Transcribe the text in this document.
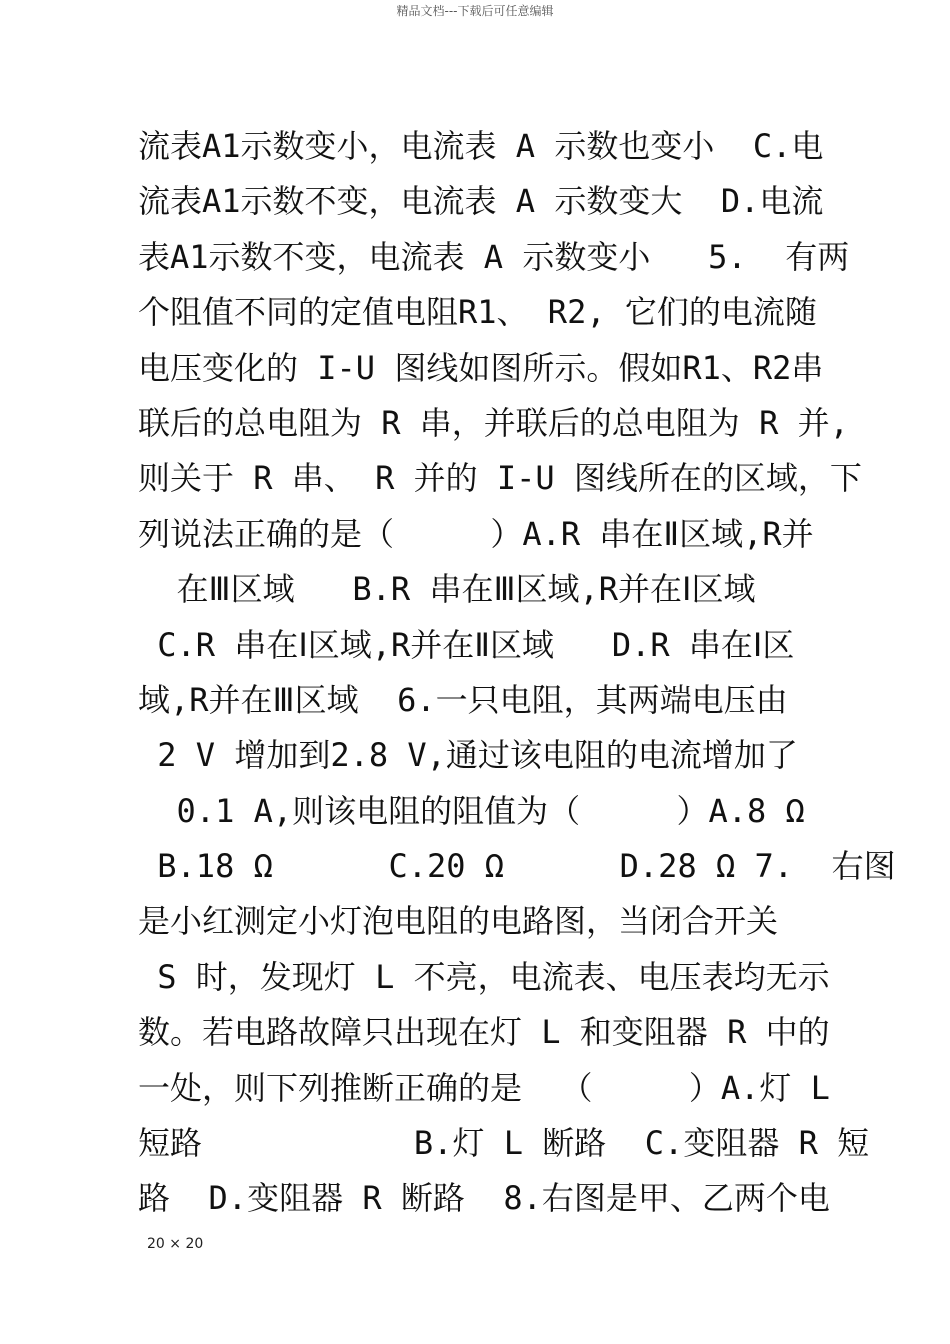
精品文档---下载后可任意编辑
流表A1示数变小，电流表 A 示数也变小  C.电
流表A1示数不变，电流表 A 示数变大  D.电流
表A1示数不变，电流表 A 示数变小   5.  有两
个阻值不同的定值电阻R1、 R2, 它们的电流随
电压变化的 I-U 图线如图所示。假如R1、R2串
联后的总电阻为 R 串，并联后的总电阻为 R 并,
则关于 R 串、 R 并的 I-U 图线所在的区域，下
列说法正确的是（     ）A.R 串在Ⅱ区域,R并
在Ⅲ区域   B.R 串在Ⅲ区域,R并在Ⅰ区域
C.R 串在Ⅰ区域,R并在Ⅱ区域   D.R 串在Ⅰ区
域,R并在Ⅲ区域  6.一只电阻，其两端电压由
2 V 增加到2.8 V,通过该电阻的电流增加了
0.1 A,则该电阻的阻值为（     ）A.8 Ω
B.18 Ω      C.20 Ω      D.28 Ω 7.  右图
是小红测定小灯泡电阻的电路图，当闭合开关
S 时，发现灯 L 不亮，电流表、电压表均无示
数。若电路故障只出现在灯 L 和变阻器 R 中的
一处，则下列推断正确的是  （     ）A.灯 L
短路           B.灯 L 断路  C.变阻器 R 短
路  D.变阻器 R 断路  8.右图是甲、乙两个电
20 × 20
